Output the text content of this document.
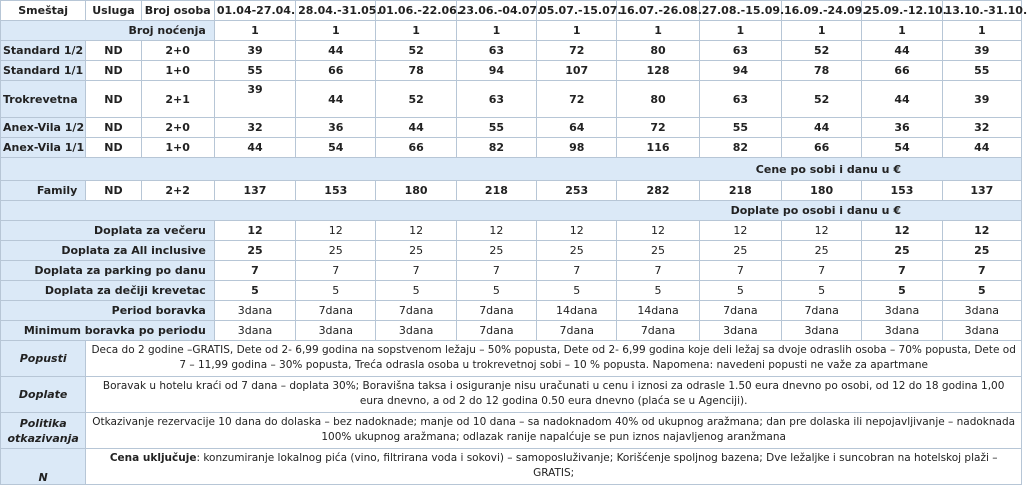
Smeštaj	Usluga	Broj osoba	01.04-27.04.	28.04.-31.05.	01.06.-22.06.	23.06.-04.07.	05.07.-15.07.	16.07.-26.08.	27.08.-15.09.	16.09.-24.09.	25.09.-12.10.	13.10.-31.10.
Broj noćenja			1	1	1	1	1	1	1	1	1	1
Standard 1/2	ND	2+0	39	44	52	63	72	80	63	52	44	39
Standard 1/1	ND	1+0	55	66	78	94	107	128	94	78	66	55
Trokrevetna	ND	2+1	39	44	52	63	72	80	63	52	44	39
Anex-Vila 1/2	ND	2+0	32	36	44	55	64	72	55	44	36	32
Anex-Vila 1/1	ND	1+0	44	54	66	82	98	116	82	66	54	44
Cene po sobi i danu u €												
Family	ND	2+2	137	153	180	218	253	282	218	180	153	137
Doplate po osobi i danu u €												
Doplata za večeru			12	12	12	12	12	12	12	12	12	12
Doplata za All inclusive			25	25	25	25	25	25	25	25	25	25
Doplata za parking po danu			7	7	7	7	7	7	7	7	7	7
Doplata za dečiji krevetac			5	5	5	5	5	5	5	5	5	5
Period boravka			3dana	7dana	7dana	7dana	14dana	14dana	7dana	7dana	3dana	3dana
Minimum boravka po periodu			3dana	3dana	3dana	7dana	7dana	7dana	3dana	3dana	3dana	3dana
Popusti	Deca do 2 godine –GRATIS, Dete od 2- 6,99 godina na sopstvenom ležaju – 50% popusta, Dete od 2- 6,99 godina koje deli ležaj sa dvoje odraslih osoba – 70% popusta, Dete od 7 – 11,99 godina – 30% popusta, Treća odrasla osoba u trokrevetnoj sobi – 10 % popusta. Napomena: navedeni popusti ne važe za apartmane											
Doplate	Boravak u hotelu kraći od 7 dana – doplata 30%; Boravišna taksa i osiguranje nisu uračunati u cenu i iznosi za odrasle 1.50 eura dnevno po osobi, od 12 do 18 godina 1,00 eura dnevno, a od 2 do 12 godina 0.50 eura dnevno (plaća se u Agenciji).											
Politika
otkazivanja	Otkazivanje rezervacije 10 dana do dolaska – bez nadoknade; manje od 10 dana – sa nadoknadom 40% od ukupnog aražmana; dan pre dolaska ili nepojavljivanje – nadoknada 100% ukupnog aražmana; odlazak ranije napalćuje se pun iznos najavljenog aranžmana											
N	Cena uključuje: konzumiranje lokalnog pića (vino, filtrirana voda i sokovi) – samoposluživanje; Korišćenje spoljnog bazena; Dve ležaljke i suncobran na hotelskoj plaži – GRATIS;											
